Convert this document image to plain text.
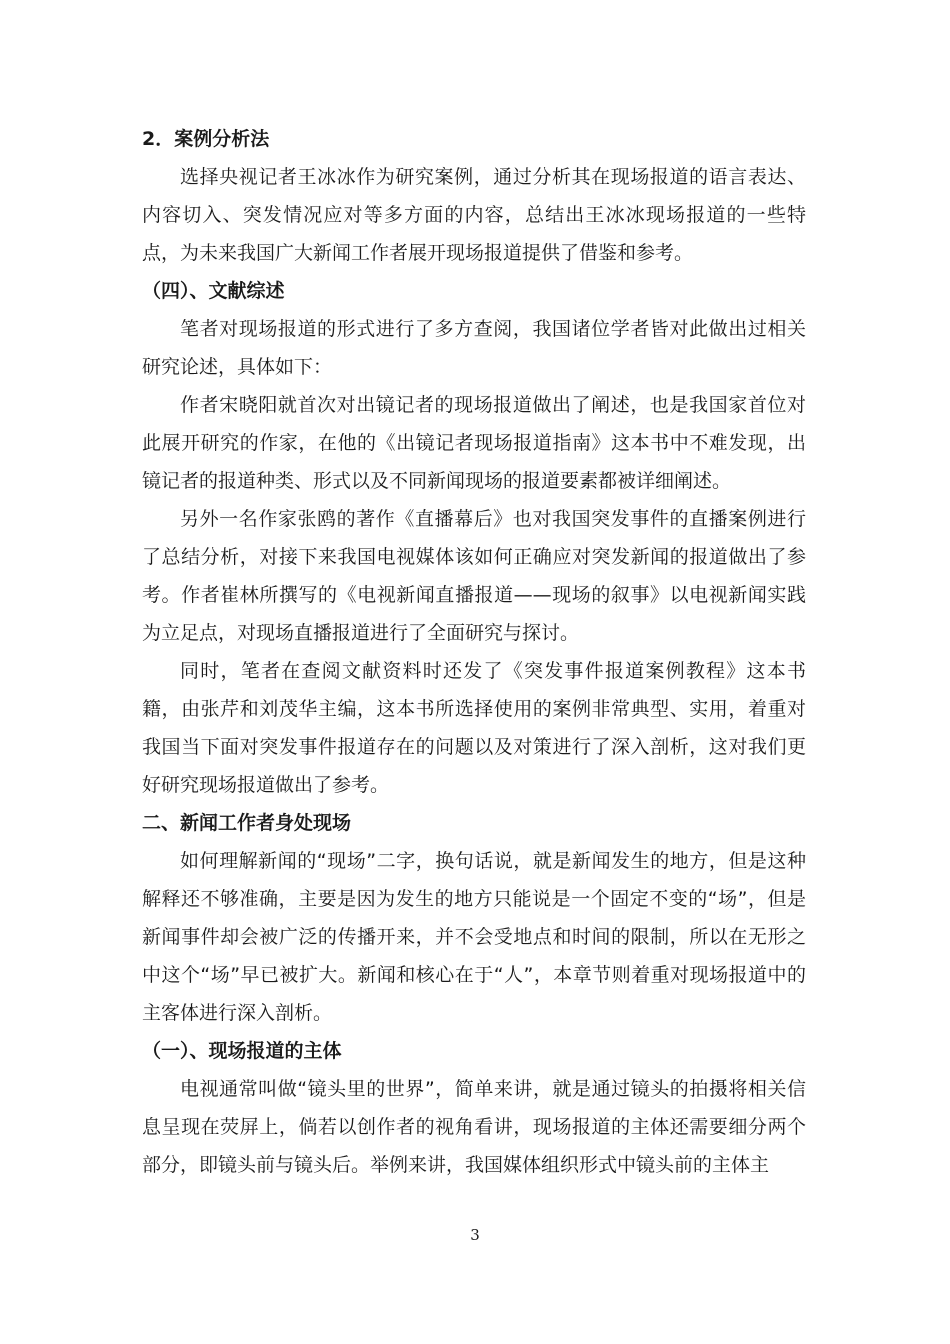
2．案例分析法

选择央视记者王冰冰作为研究案例，通过分析其在现场报道的语言表达、内容切入、突发情况应对等多方面的内容，总结出王冰冰现场报道的一些特点，为未来我国广大新闻工作者展开现场报道提供了借鉴和参考。

（四）、文献综述

笔者对现场报道的形式进行了多方查阅，我国诸位学者皆对此做出过相关研究论述，具体如下：

作者宋晓阳就首次对出镜记者的现场报道做出了阐述，也是我国家首位对此展开研究的作家，在他的《出镜记者现场报道指南》这本书中不难发现，出镜记者的报道种类、形式以及不同新闻现场的报道要素都被详细阐述。

另外一名作家张鸥的著作《直播幕后》也对我国突发事件的直播案例进行了总结分析，对接下来我国电视媒体该如何正确应对突发新闻的报道做出了参考。作者崔林所撰写的《电视新闻直播报道——现场的叙事》以电视新闻实践为立足点，对现场直播报道进行了全面研究与探讨。

同时，笔者在查阅文献资料时还发了《突发事件报道案例教程》这本书籍，由张芹和刘茂华主编，这本书所选择使用的案例非常典型、实用，着重对我国当下面对突发事件报道存在的问题以及对策进行了深入剖析，这对我们更好研究现场报道做出了参考。

二、新闻工作者身处现场

如何理解新闻的“现场”二字，换句话说，就是新闻发生的地方，但是这种解释还不够准确，主要是因为发生的地方只能说是一个固定不变的“场”，但是新闻事件却会被广泛的传播开来，并不会受地点和时间的限制，所以在无形之中这个“场”早已被扩大。新闻和核心在于“人”，本章节则着重对现场报道中的主客体进行深入剖析。

（一）、现场报道的主体

电视通常叫做“镜头里的世界”，简单来讲，就是通过镜头的拍摄将相关信息呈现在荧屏上，倘若以创作者的视角看讲，现场报道的主体还需要细分两个部分，即镜头前与镜头后。举例来讲，我国媒体组织形式中镜头前的主体主

3
